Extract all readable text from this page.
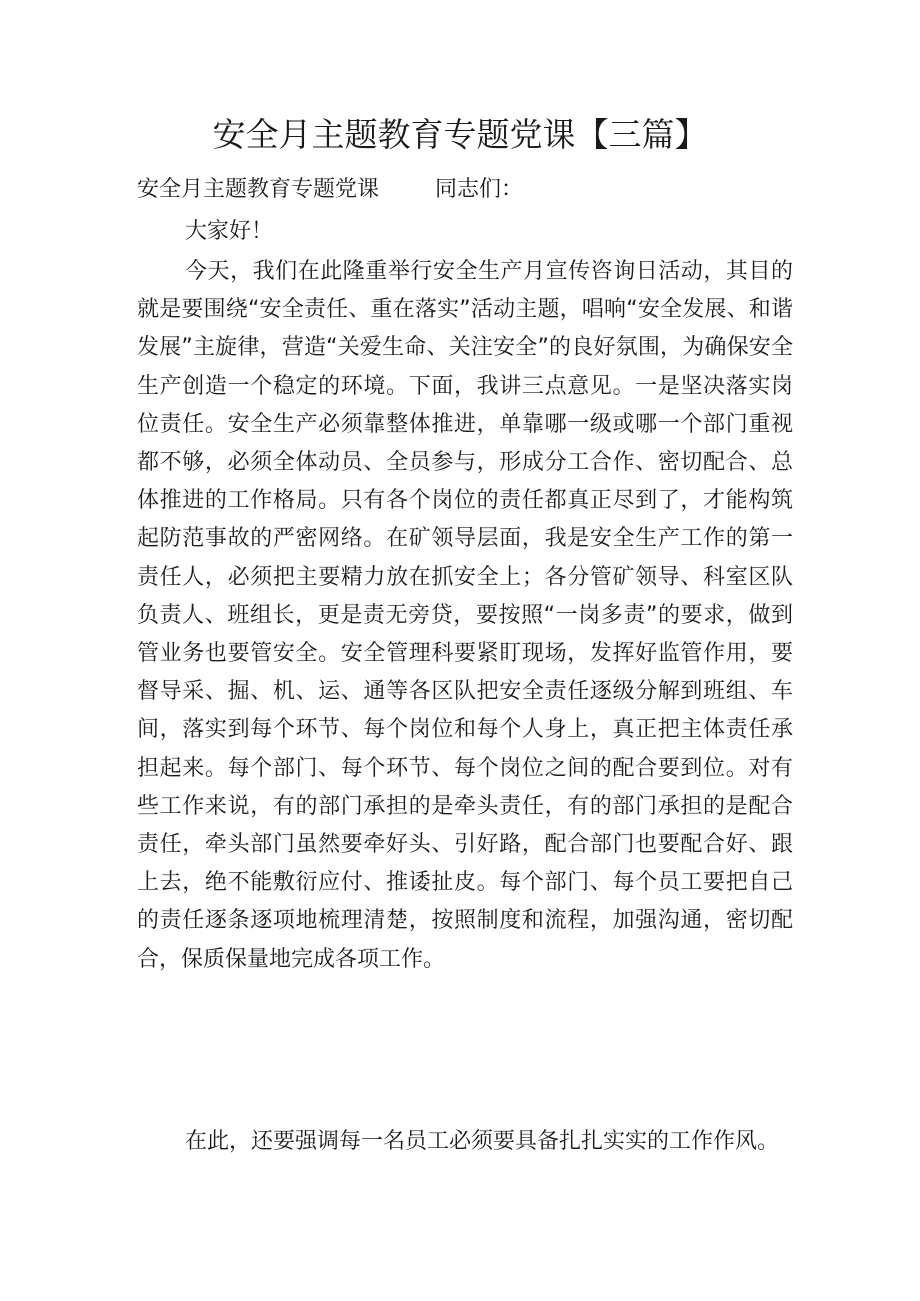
安全月主题教育专题党课【三篇】
安全月主题教育专题党课	同志们：

大家好！

今天，我们在此隆重举行安全生产月宣传咨询日活动，其目的就是要围绕“安全责任、重在落实”活动主题，唱响“安全发展、和谐发展”主旋律，营造“关爱生命、关注安全”的良好氛围，为确保安全生产创造一个稳定的环境。下面，我讲三点意见。一是坚决落实岗位责任。安全生产必须靠整体推进，单靠哪一级或哪一个部门重视都不够，必须全体动员、全员参与，形成分工合作、密切配合、总体推进的工作格局。只有各个岗位的责任都真正尽到了，才能构筑起防范事故的严密网络。在矿领导层面，我是安全生产工作的第一责任人，必须把主要精力放在抓安全上；各分管矿领导、科室区队负责人、班组长，更是责无旁贷，要按照“一岗多责”的要求，做到管业务也要管安全。安全管理科要紧盯现场，发挥好监管作用，要督导采、掘、机、运、通等各区队把安全责任逐级分解到班组、车间，落实到每个环节、每个岗位和每个人身上，真正把主体责任承担起来。每个部门、每个环节、每个岗位之间的配合要到位。对有些工作来说，有的部门承担的是牵头责任，有的部门承担的是配合责任，牵头部门虽然要牵好头、引好路，配合部门也要配合好、跟上去，绝不能敷衍应付、推诿扯皮。每个部门、每个员工要把自己的责任逐条逐项地梳理清楚，按照制度和流程，加强沟通，密切配合，保质保量地完成各项工作。

在此，还要强调每一名员工必须要具备扎扎实实的工作作风。
